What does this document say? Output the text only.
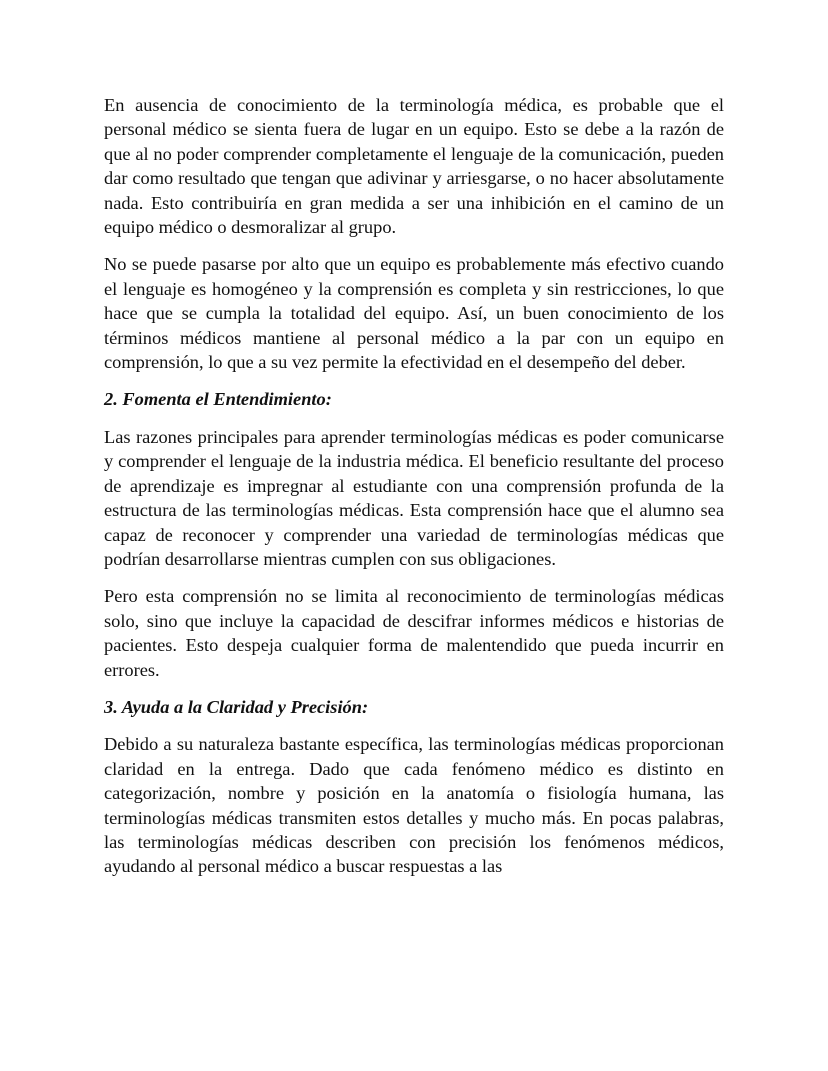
En ausencia de conocimiento de la terminología médica, es probable que el personal médico se sienta fuera de lugar en un equipo. Esto se debe a la razón de que al no poder comprender completamente el lenguaje de la comunicación, pueden dar como resultado que tengan que adivinar y arriesgarse, o no hacer absolutamente nada. Esto contribuiría en gran medida a ser una inhibición en el camino de un equipo médico o desmoralizar al grupo.

No se puede pasarse por alto que un equipo es probablemente más efectivo cuando el lenguaje es homogéneo y la comprensión es completa y sin restricciones, lo que hace que se cumpla la totalidad del equipo. Así, un buen conocimiento de los términos médicos mantiene al personal médico a la par con un equipo en comprensión, lo que a su vez permite la efectividad en el desempeño del deber.

2. Fomenta el Entendimiento:

Las razones principales para aprender terminologías médicas es poder comunicarse y comprender el lenguaje de la industria médica. El beneficio resultante del proceso de aprendizaje es impregnar al estudiante con una comprensión profunda de la estructura de las terminologías médicas. Esta comprensión hace que el alumno sea capaz de reconocer y comprender una variedad de terminologías médicas que podrían desarrollarse mientras cumplen con sus obligaciones.

Pero esta comprensión no se limita al reconocimiento de terminologías médicas solo, sino que incluye la capacidad de descifrar informes médicos e historias de pacientes. Esto despeja cualquier forma de malentendido que pueda incurrir en errores.

3. Ayuda a la Claridad y Precisión:

Debido a su naturaleza bastante específica, las terminologías médicas proporcionan claridad en la entrega. Dado que cada fenómeno médico es distinto en categorización, nombre y posición en la anatomía o fisiología humana, las terminologías médicas transmiten estos detalles y mucho más. En pocas palabras, las terminologías médicas describen con precisión los fenómenos médicos, ayudando al personal médico a buscar respuestas a las
